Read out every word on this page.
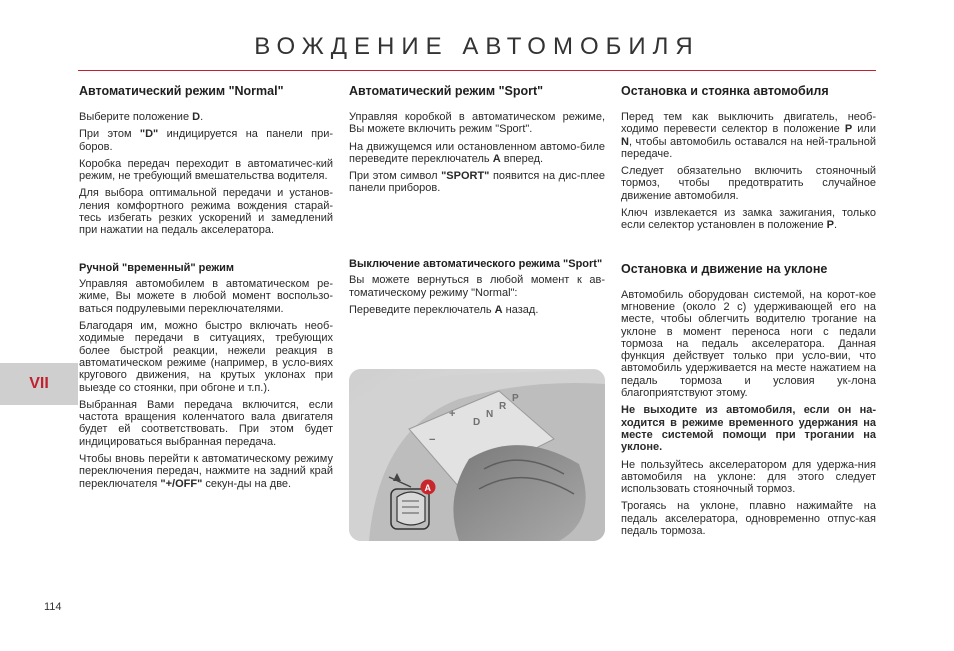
ВОЖДЕНИЕ АВТОМОБИЛЯ
Автоматический режим "Normal"

Выберите положение D.

При этом "D" индицируется на панели при-боров.

Коробка передач переходит в автоматичес-кий режим, не требующий вмешательства водителя.

Для выбора оптимальной передачи и установ-ления комфортного режима вождения старай-тесь избегать резких ускорений и замедлений при нажатии на педаль акселератора.

Ручной "временный" режим

Управляя автомобилем в автоматическом ре-жиме, Вы можете в любой момент воспользо-ваться подрулевыми переключателями.

Благодаря им, можно быстро включать необ-ходимые передачи в ситуациях, требующих более быстрой реакции, нежели реакция в автоматическом режиме (например, в усло-виях кругового движения, на крутых уклонах при выезде со стоянки, при обгоне и т.п.).

Выбранная Вами передача включится, если частота вращения коленчатого вала двигателя будет ей соответствовать. При этом будет индицироваться выбранная передача.

Чтобы вновь перейти к автоматическому режиму переключения передач, нажмите на задний край переключателя "+/OFF" секун-ды на две.

Автоматический режим "Sport"

Управляя коробкой в автоматическом режиме, Вы можете включить режим "Sport".

На движущемся или остановленном автомо-биле переведите переключатель A вперед.

При этом символ "SPORT" появится на дис-плее панели приборов.

Выключение автоматического режима "Sport"

Вы можете вернуться в любой момент к ав-томатическому режиму "Normal":

Переведите переключатель A назад.

P
R
N
D
+
−
A
Остановка и стоянка автомобиля

Перед тем как выключить двигатель, необ-ходимо перевести селектор в положение P или N, чтобы автомобиль оставался на ней-тральной передаче.

Следует обязательно включить стояночный тормоз, чтобы предотвратить случайное движение автомобиля.

Ключ извлекается из замка зажигания, только если селектор установлен в положение P.

Остановка и движение на уклоне

Автомобиль оборудован системой, на корот-кое мгновение (около 2 с) удерживающей его на месте, чтобы облегчить водителю трогание на уклоне в момент переноса ноги с педали тормоза на педаль акселератора. Данная функция действует только при усло-вии, что автомобиль удерживается на месте нажатием на педаль тормоза и условия ук-лона благоприятствуют этому.

Не выходите из автомобиля, если он на-ходится в режиме временного удержания на месте системой помощи при трогании на уклоне.

Не пользуйтесь акселератором для удержа-ния автомобиля на уклоне: для этого следует использовать стояночный тормоз.

Трогаясь на уклоне, плавно нажимайте на педаль акселератора, одновременно отпус-кая педаль тормоза.

VII
114
